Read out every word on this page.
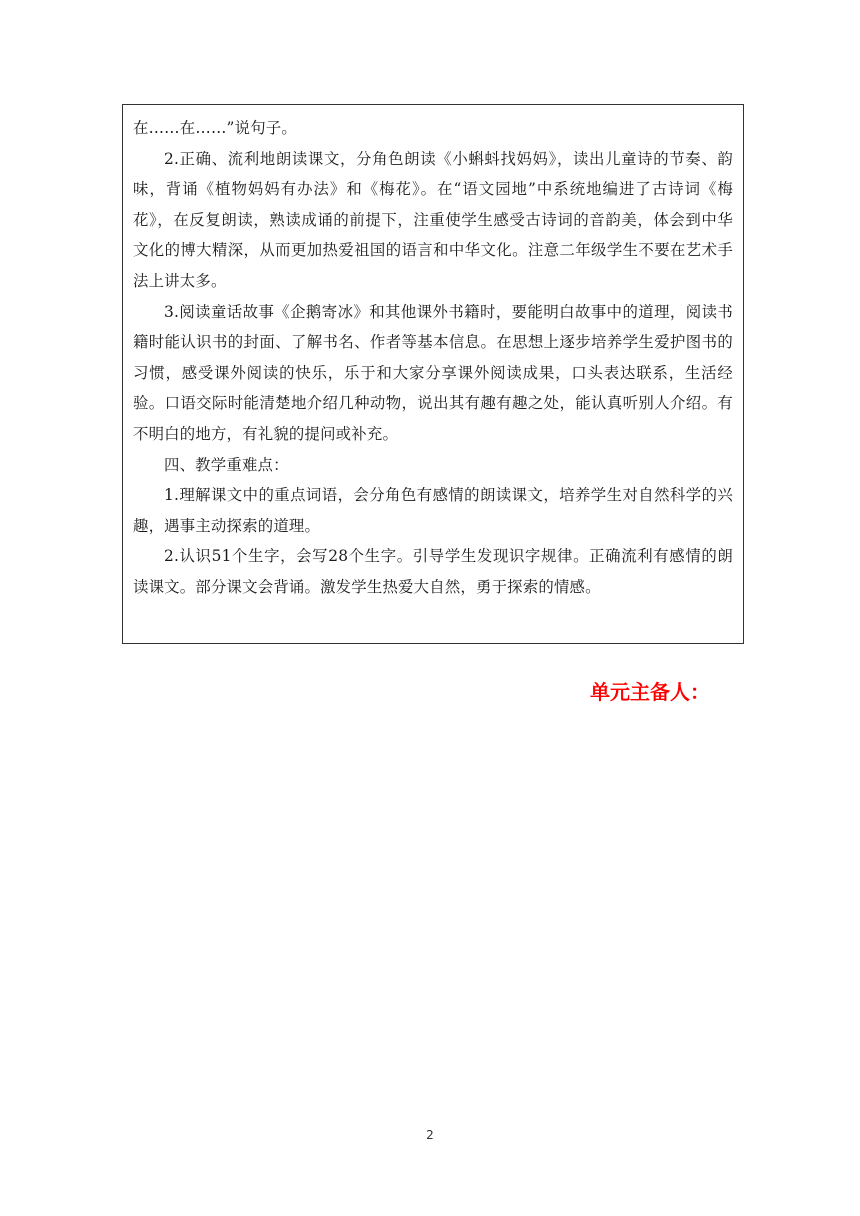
在……在……”说句子。

2.正确、流利地朗读课文，分角色朗读《小蝌蚪找妈妈》，读出儿童诗的节奏、韵味，背诵《植物妈妈有办法》和《梅花》。在“语文园地”中系统地编进了古诗词《梅花》，在反复朗读，熟读成诵的前提下，注重使学生感受古诗词的音韵美，体会到中华文化的博大精深，从而更加热爱祖国的语言和中华文化。注意二年级学生不要在艺术手法上讲太多。

3.阅读童话故事《企鹅寄冰》和其他课外书籍时，要能明白故事中的道理，阅读书籍时能认识书的封面、了解书名、作者等基本信息。在思想上逐步培养学生爱护图书的习惯，感受课外阅读的快乐，乐于和大家分享课外阅读成果，口头表达联系，生活经验。口语交际时能清楚地介绍几种动物，说出其有趣有趣之处，能认真听别人介绍。有不明白的地方，有礼貌的提问或补充。

四、教学重难点：

1.理解课文中的重点词语，会分角色有感情的朗读课文，培养学生对自然科学的兴趣，遇事主动探索的道理。

2.认识51个生字，会写28个生字。引导学生发现识字规律。正确流利有感情的朗读课文。部分课文会背诵。激发学生热爱大自然，勇于探索的情感。

单元主备人：
2
